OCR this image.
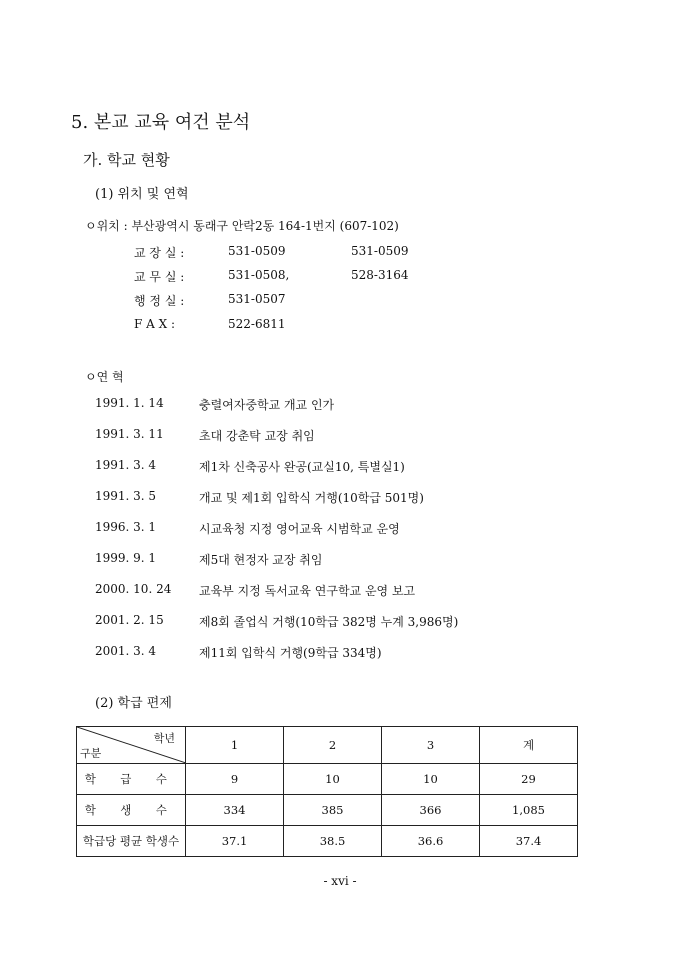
5. 본교 교육 여건 분석
가. 학교 현황
(1) 위치 및 연혁
ㅇ위치 : 부산광역시 동래구 안락2동 164-1번지 (607-102)
교 장 실 :	531-0509	531-0509
교 무 실 :	531-0508,	528-3164
행 정 실 :	531-0507
F A X :	522-6811
ㅇ연 혁
1991. 1. 14	충렬여자중학교 개교 인가
1991. 3. 11	초대 강춘탁 교장 취임
1991. 3. 4	제1차 신축공사 완공(교실10, 특별실1)
1991. 3. 5	개교 및 제1회 입학식 거행(10학급 501명)
1996. 3. 1	시교육청 지정 영어교육 시범학교 운영
1999. 9. 1	제5대 현정자 교장 취임
2000. 10. 24 교육부 지정 독서교육 연구학교 운영 보고
2001. 2. 15	제8회 졸업식 거행(10학급 382명 누계 3,986명)
2001. 3. 4	제11회 입학식 거행(9학급 334명)
(2) 학급 편제
학년
구분	1	2	3	계
학 급 수	9	10	10	29
학 생 수	334	385	366	1,085
학급당 평균 학생수	37.1	38.5	36.6	37.4
- xvi -
